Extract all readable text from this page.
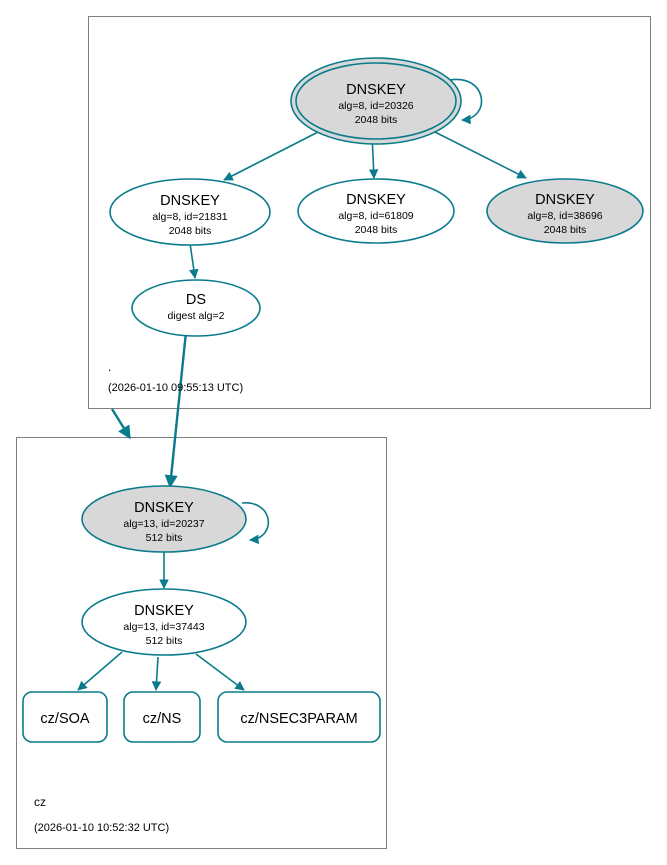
DNSKEY
alg=8, id=20326
2048 bits
DNSKEY
alg=8, id=21831
2048 bits
DNSKEY
alg=8, id=61809
2048 bits
DNSKEY
alg=8, id=38696
2048 bits
DS
digest alg=2
.
(2026-01-10 09:55:13 UTC)
DNSKEY
alg=13, id=20237
512 bits
DNSKEY
alg=13, id=37443
512 bits
cz/SOA	cz/NS	cz/NSEC3PARAM
cz
(2026-01-10 10:52:32 UTC)
